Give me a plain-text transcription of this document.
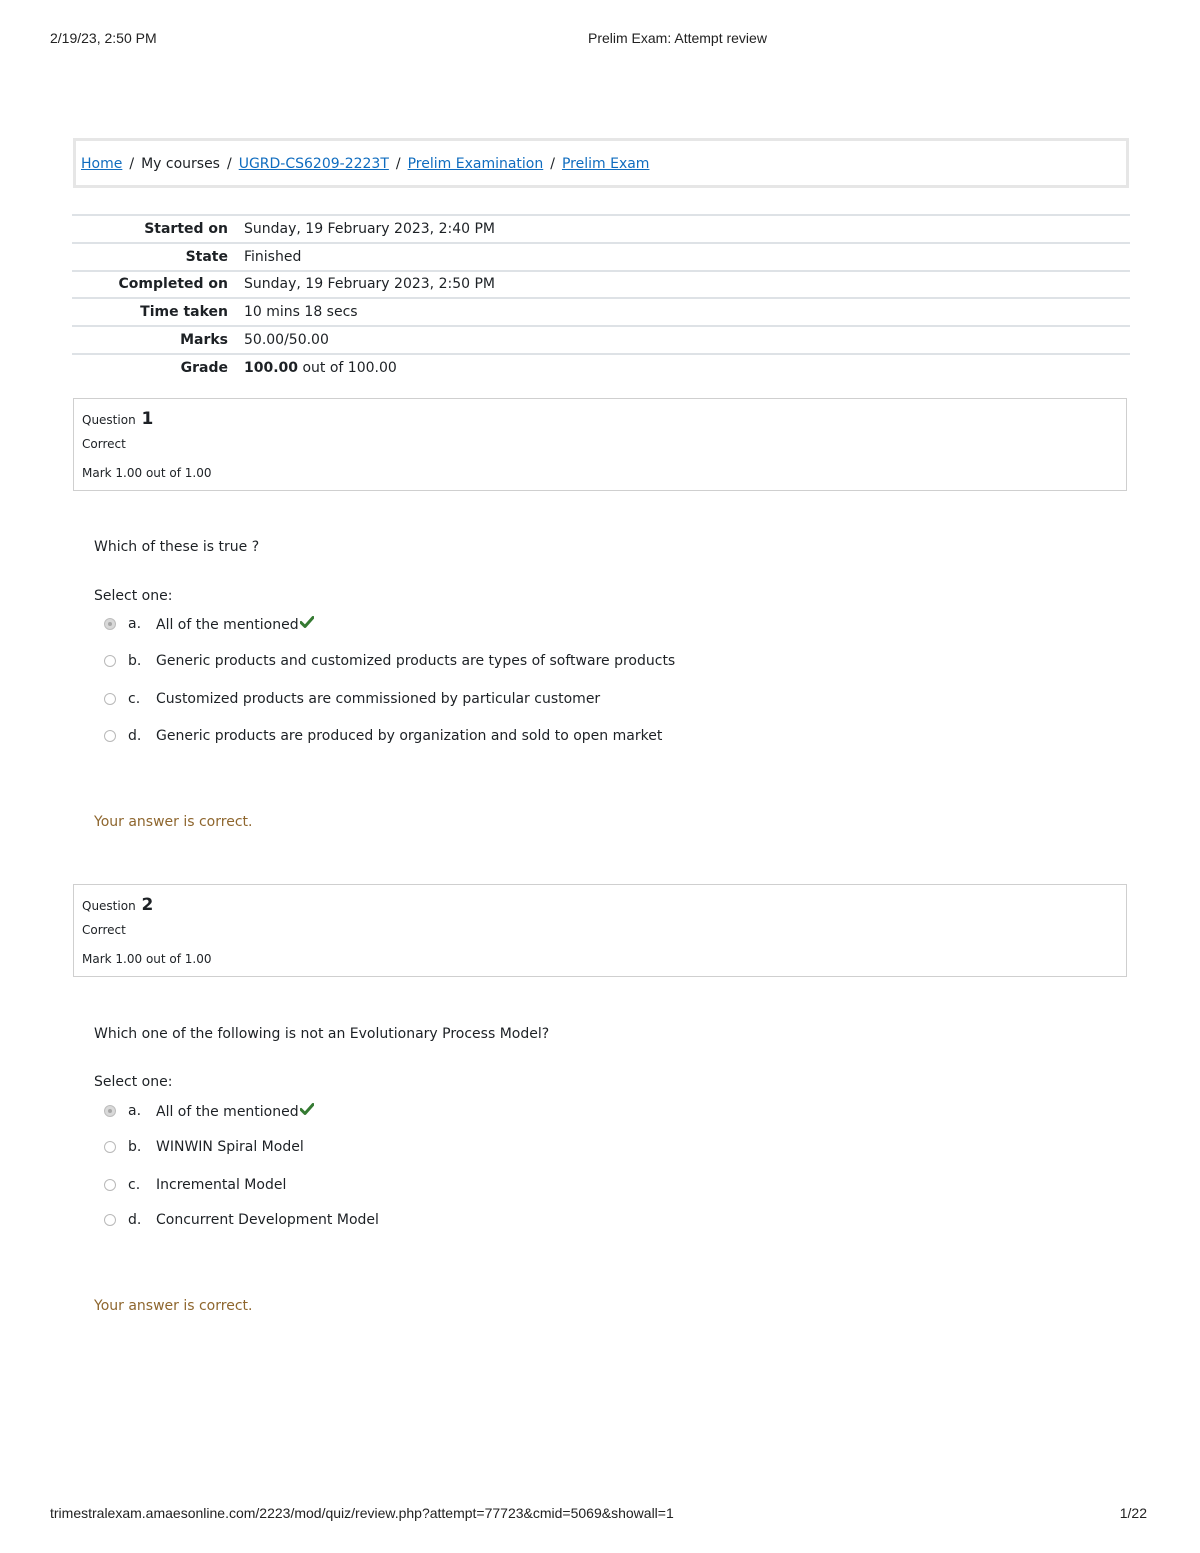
2/19/23, 2:50 PM	Prelim Exam: Attempt review
Home / My courses / UGRD-CS6209-2223T / Prelim Examination / Prelim Exam
Started on	Sunday, 19 February 2023, 2:40 PM
State	Finished
Completed on	Sunday, 19 February 2023, 2:50 PM
Time taken	10 mins 18 secs
Marks	50.00/50.00
Grade	100.00 out of 100.00
Question 1
Correct
Mark 1.00 out of 1.00
Which of these is true ?
Select one:
a. All of the mentioned
b. Generic products and customized products are types of software products
c. Customized products are commissioned by particular customer
d. Generic products are produced by organization and sold to open market
Your answer is correct.
Question 2
Correct
Mark 1.00 out of 1.00
Which one of the following is not an Evolutionary Process Model?
Select one:
a. All of the mentioned
b. WINWIN Spiral Model
c. Incremental Model
d. Concurrent Development Model
Your answer is correct.
trimestralexam.amaesonline.com/2223/mod/quiz/review.php?attempt=77723&cmid=5069&showall=1	1/22
